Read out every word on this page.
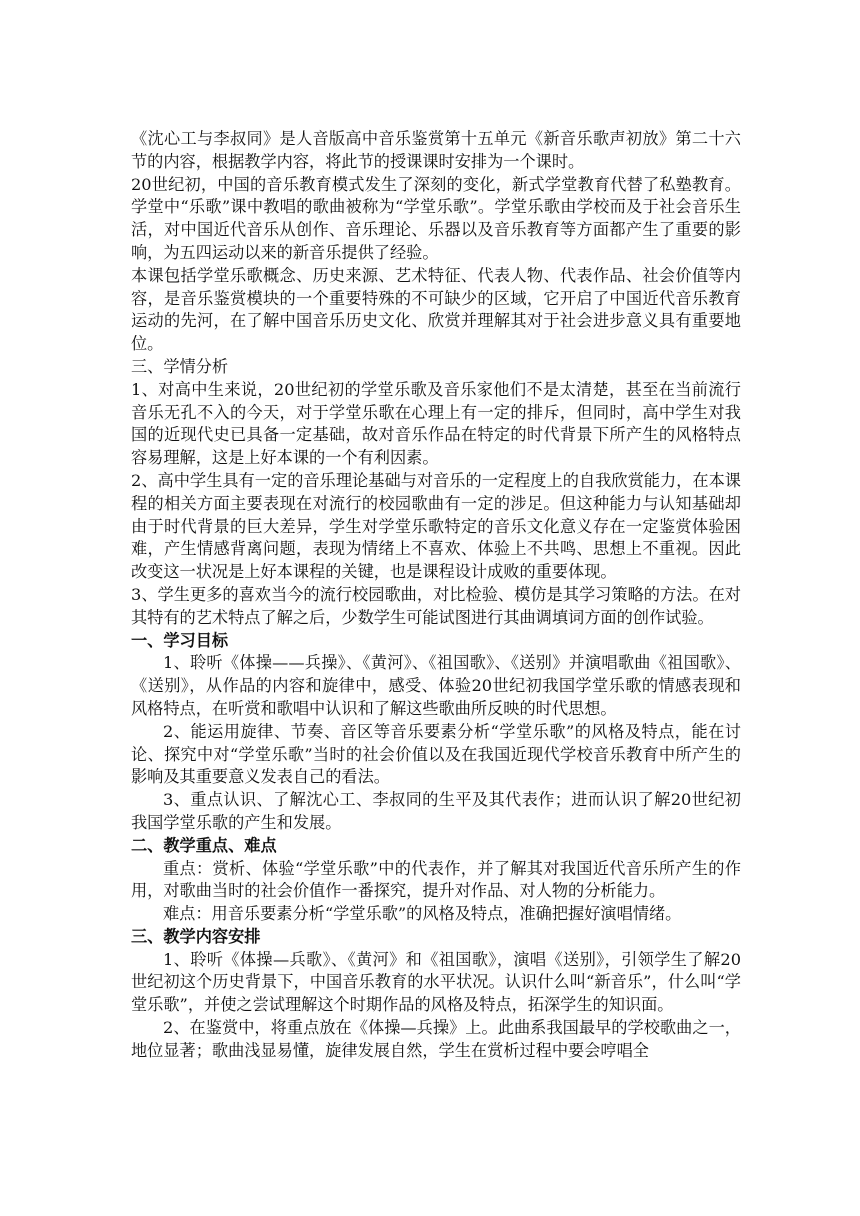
《沈心工与李叔同》是人音版高中音乐鉴赏第十五单元《新音乐歌声初放》第二十六节的内容，根据教学内容，将此节的授课课时安排为一个课时。

20世纪初，中国的音乐教育模式发生了深刻的变化，新式学堂教育代替了私塾教育。学堂中“乐歌”课中教唱的歌曲被称为“学堂乐歌”。学堂乐歌由学校而及于社会音乐生活，对中国近代音乐从创作、音乐理论、乐器以及音乐教育等方面都产生了重要的影响，为五四运动以来的新音乐提供了经验。

本课包括学堂乐歌概念、历史来源、艺术特征、代表人物、代表作品、社会价值等内容，是音乐鉴赏模块的一个重要特殊的不可缺少的区域，它开启了中国近代音乐教育运动的先河，在了解中国音乐历史文化、欣赏并理解其对于社会进步意义具有重要地位。

三、学情分析

1、对高中生来说，20世纪初的学堂乐歌及音乐家他们不是太清楚，甚至在当前流行音乐无孔不入的今天，对于学堂乐歌在心理上有一定的排斥，但同时，高中学生对我国的近现代史已具备一定基础，故对音乐作品在特定的时代背景下所产生的风格特点容易理解，这是上好本课的一个有利因素。

2、高中学生具有一定的音乐理论基础与对音乐的一定程度上的自我欣赏能力，在本课程的相关方面主要表现在对流行的校园歌曲有一定的涉足。但这种能力与认知基础却由于时代背景的巨大差异，学生对学堂乐歌特定的音乐文化意义存在一定鉴赏体验困难，产生情感背离问题，表现为情绪上不喜欢、体验上不共鸣、思想上不重视。因此改变这一状况是上好本课程的关键，也是课程设计成败的重要体现。

3、学生更多的喜欢当今的流行校园歌曲，对比检验、模仿是其学习策略的方法。在对其特有的艺术特点了解之后，少数学生可能试图进行其曲调填词方面的创作试验。

一、学习目标

1、聆听《体操——兵操》、《黄河》、《祖国歌》、《送别》并演唱歌曲《祖国歌》、《送别》，从作品的内容和旋律中，感受、体验20世纪初我国学堂乐歌的情感表现和风格特点，在听赏和歌唱中认识和了解这些歌曲所反映的时代思想。

2、能运用旋律、节奏、音区等音乐要素分析“学堂乐歌”的风格及特点，能在讨论、探究中对“学堂乐歌”当时的社会价值以及在我国近现代学校音乐教育中所产生的影响及其重要意义发表自己的看法。

3、重点认识、了解沈心工、李叔同的生平及其代表作；进而认识了解20世纪初我国学堂乐歌的产生和发展。

二、教学重点、难点

重点：赏析、体验“学堂乐歌”中的代表作，并了解其对我国近代音乐所产生的作用，对歌曲当时的社会价值作一番探究，提升对作品、对人物的分析能力。

难点：用音乐要素分析“学堂乐歌”的风格及特点，准确把握好演唱情绪。

三、教学内容安排

1、聆听《体操—兵歌》、《黄河》和《祖国歌》，演唱《送别》，引领学生了解20世纪初这个历史背景下，中国音乐教育的水平状况。认识什么叫“新音乐”，什么叫“学堂乐歌”，并使之尝试理解这个时期作品的风格及特点，拓深学生的知识面。

2、在鉴赏中，将重点放在《体操—兵操》上。此曲系我国最早的学校歌曲之一，地位显著；歌曲浅显易懂，旋律发展自然，学生在赏析过程中要会哼唱全
